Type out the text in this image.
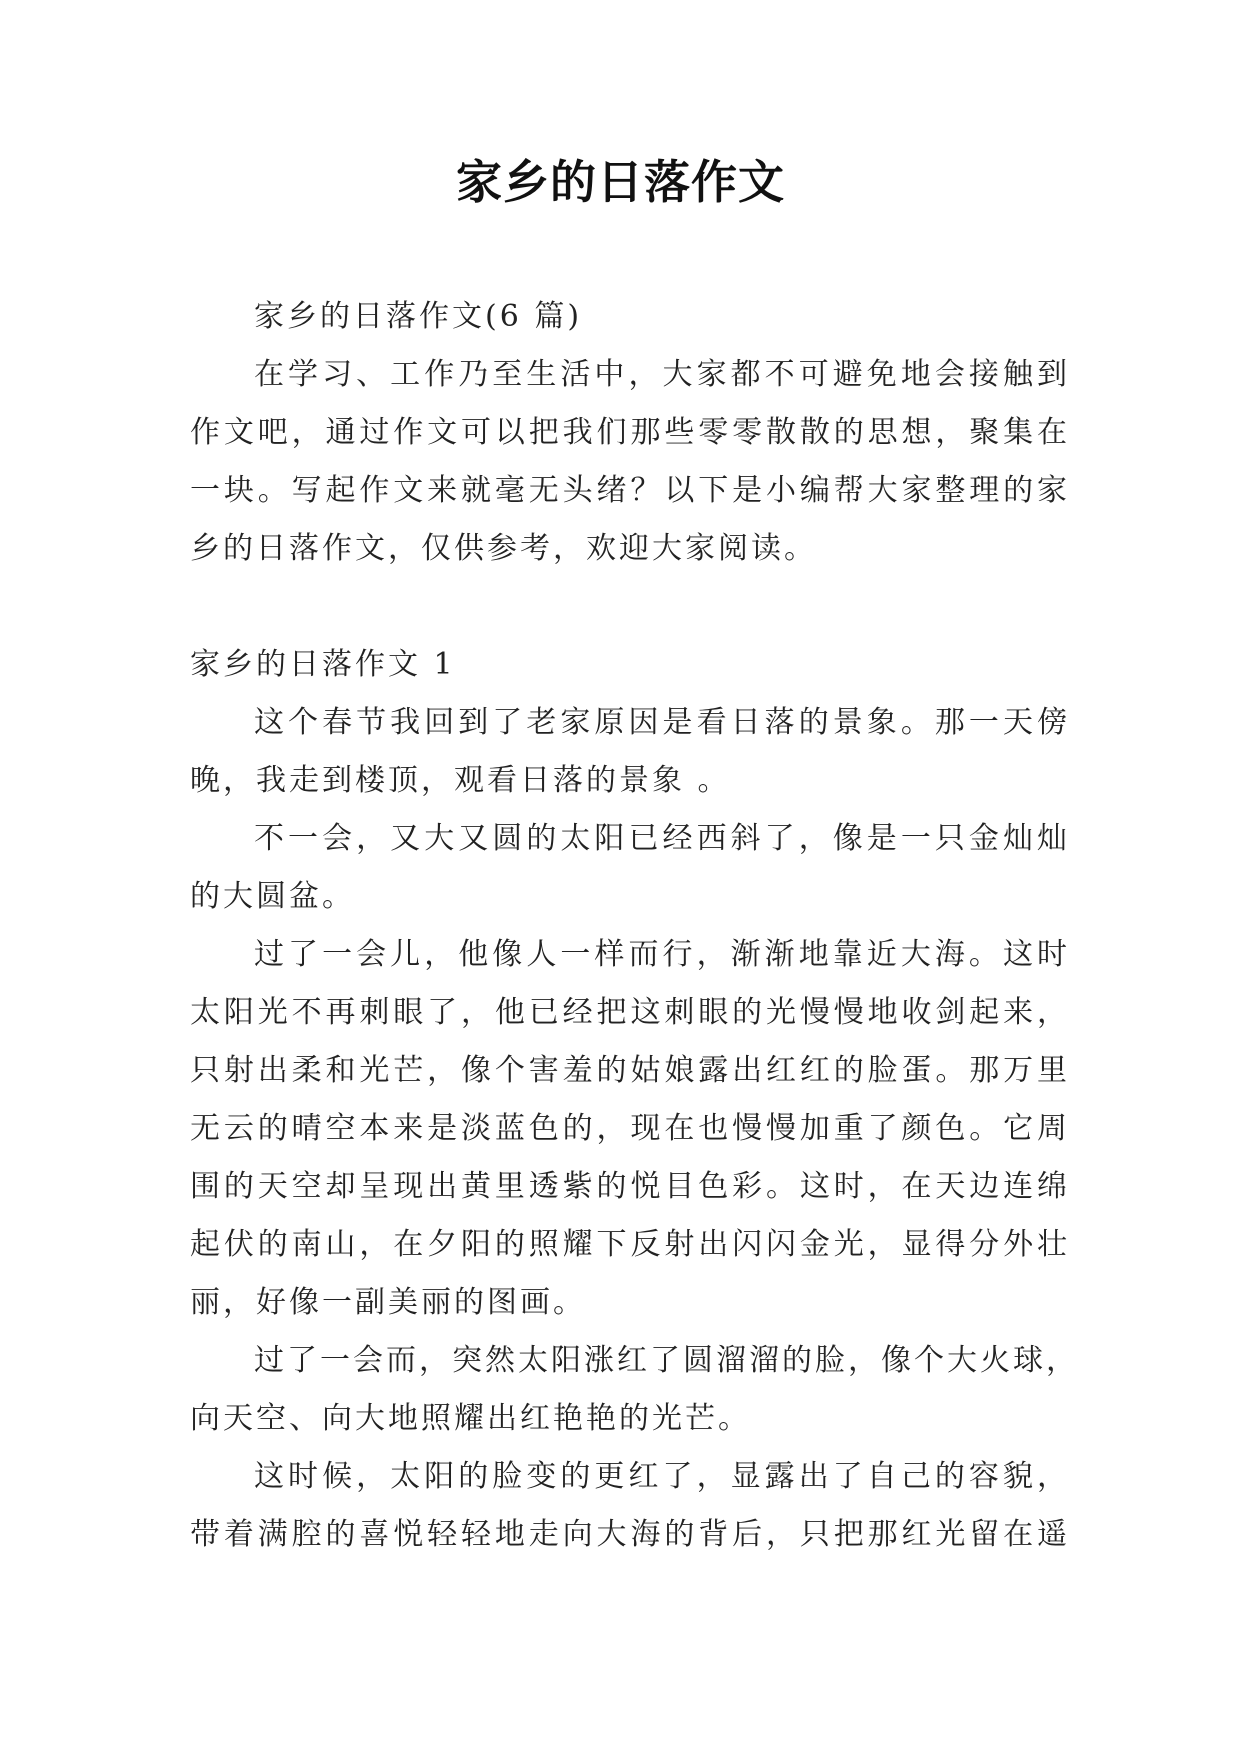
家乡的日落作文

家乡的日落作文(6 篇)

在学习、工作乃至生活中，大家都不可避免地会接触到

作文吧，通过作文可以把我们那些零零散散的思想，聚集在

一块。写起作文来就毫无头绪？以下是小编帮大家整理的家

乡的日落作文，仅供参考，欢迎大家阅读。

家乡的日落作文 1

这个春节我回到了老家原因是看日落的景象。那一天傍

晚，我走到楼顶，观看日落的景象 。

不一会，又大又圆的太阳已经西斜了，像是一只金灿灿

的大圆盆。

过了一会儿，他像人一样而行，渐渐地靠近大海。这时

太阳光不再刺眼了，他已经把这刺眼的光慢慢地收剑起来，

只射出柔和光芒，像个害羞的姑娘露出红红的脸蛋。那万里

无云的晴空本来是淡蓝色的，现在也慢慢加重了颜色。它周

围的天空却呈现出黄里透紫的悦目色彩。这时，在天边连绵

起伏的南山，在夕阳的照耀下反射出闪闪金光，显得分外壮

丽，好像一副美丽的图画。

过了一会而，突然太阳涨红了圆溜溜的脸，像个大火球，

向天空、向大地照耀出红艳艳的光芒。

这时候，太阳的脸变的更红了，显露出了自己的容貌，

带着满腔的喜悦轻轻地走向大海的背后，只把那红光留在遥
